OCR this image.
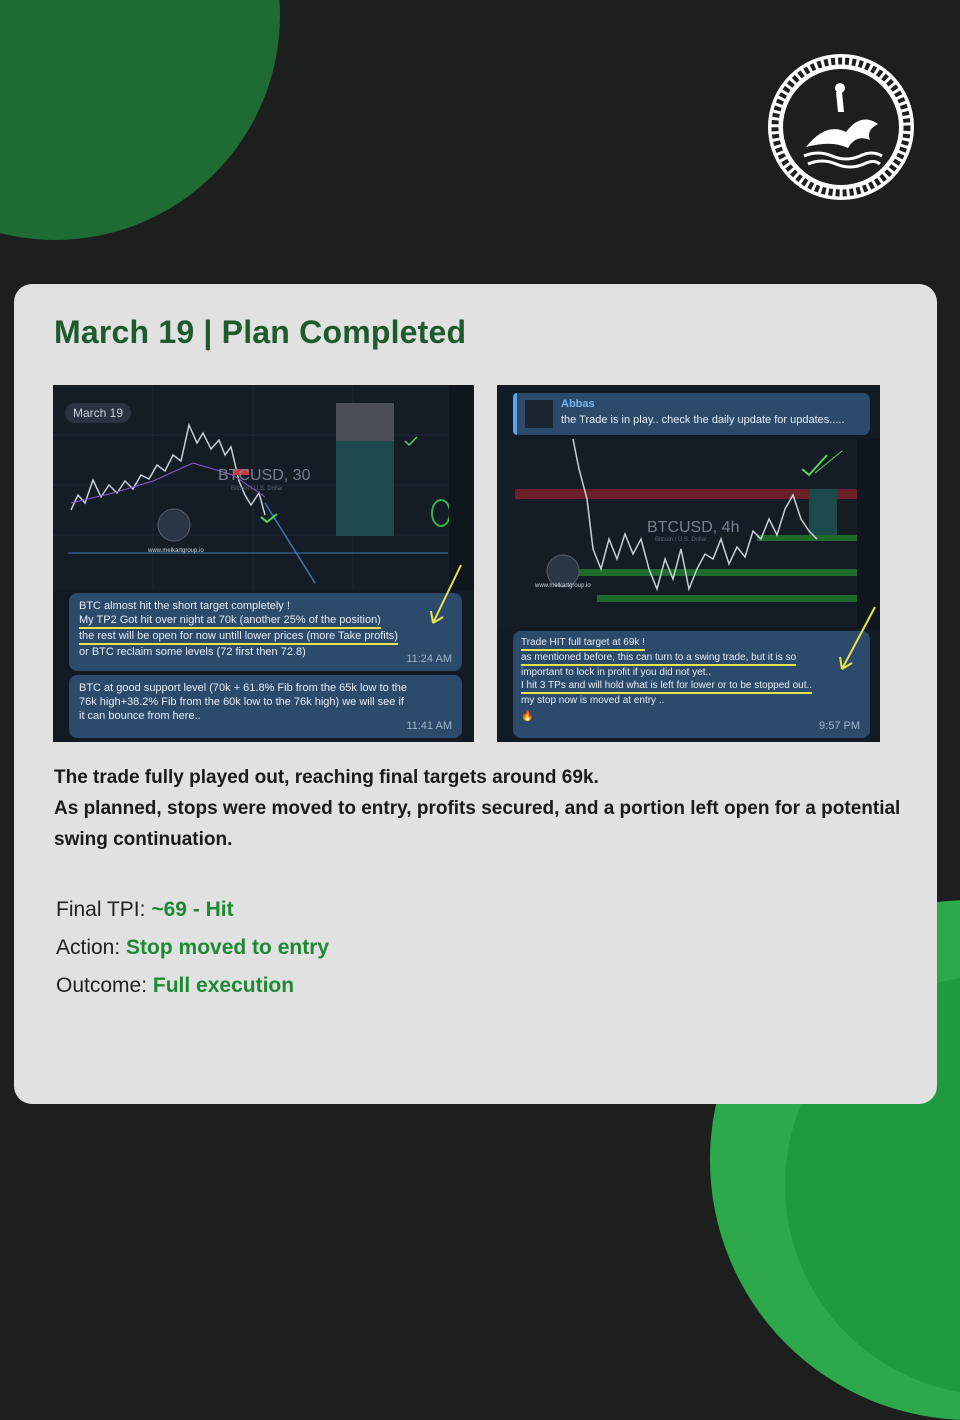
March 19 | Plan Completed
March 19
BTCUSD, 30
Bitcoin / U.S. Dollar
www.melkartgroup.io

BTC almost hit the short target completely !

My TP2 Got hit over night at 70k (another 25% of the position)

the rest will be open for now untill lower prices (more Take profits)

or BTC reclaim some levels (72 first then 72.8)

11:24 AM

BTC at good support level (70k + 61.8% Fib from the 65k low to the

76k high+38.2% Fib from the 60k low to the 76k high) we will see if

it can bounce from here..

11:41 AM
Abbas
the Trade is in play.. check the daily update for updates.....
BTCUSD, 4h
Bitcoin / U.S. Dollar
www.melkartgroup.io

Trade HIT full target at 69k !

as mentioned before, this can turn to a swing trade, but it is so

important to lock in profit if you did not yet..

I hit 3 TPs and will hold what is left for lower or to be stopped out..

my stop now is moved at entry ..

🔥

9:57 PM
The trade fully played out, reaching final targets around 69k.
As planned, stops were moved to entry, profits secured, and a portion left open for a potential swing continuation.
Final TPI: ~69 - Hit
Action: Stop moved to entry
Outcome: Full execution
